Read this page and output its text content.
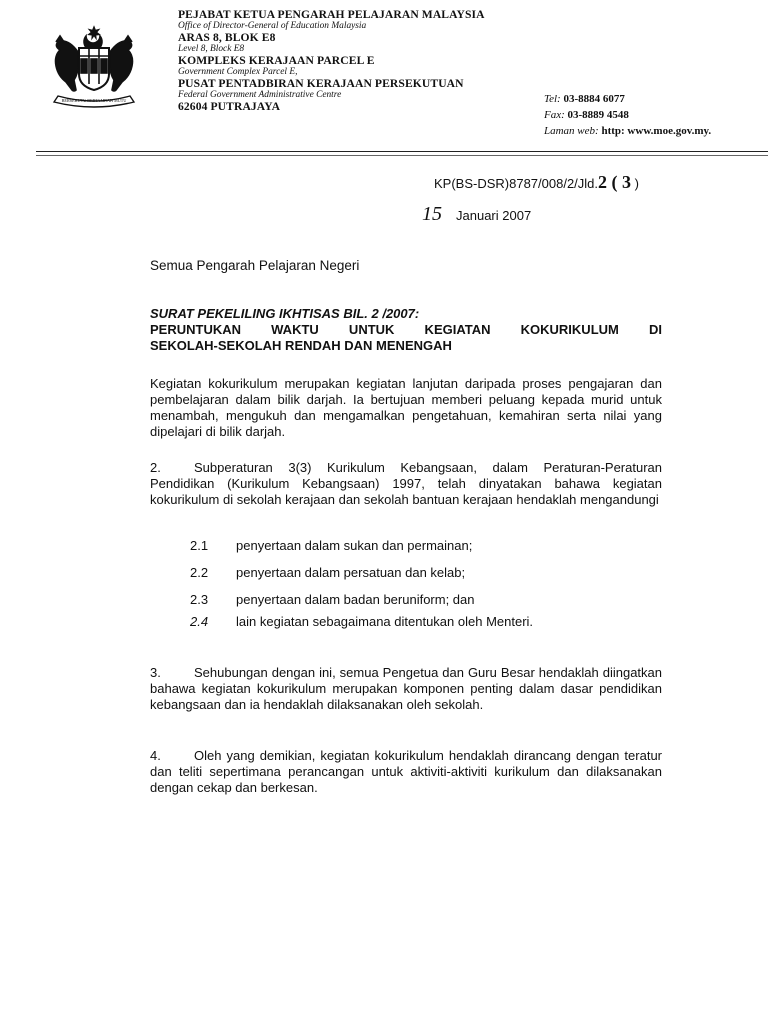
BERSEKUTU BERTAMBAH MUTU
PEJABAT KETUA PENGARAH PELAJARAN MALAYSIA
Office of Director-General of Education Malaysia
ARAS 8, BLOK E8
Level 8, Block E8
KOMPLEKS KERAJAAN PARCEL E
Government Complex Parcel E,
PUSAT PENTADBIRAN KERAJAAN PERSEKUTUAN
Federal Government Administrative Centre
62604 PUTRAJAYA
Tel: 03-8884 6077
Fax: 03-8889 4548
Laman web: http: www.moe.gov.my.
KP(BS-DSR)8787/008/2/Jld.2 ( 3 )
15 Januari 2007
Semua Pengarah Pelajaran Negeri
SURAT PEKELILING IKHTISAS BIL. 2 /2007:
PERUNTUKAN WAKTU UNTUK KEGIATAN KOKURIKULUM DI
SEKOLAH-SEKOLAH RENDAH DAN MENENGAH
Kegiatan kokurikulum merupakan kegiatan lanjutan daripada proses pengajaran dan pembelajaran dalam bilik darjah. Ia bertujuan memberi peluang kepada murid untuk menambah, mengukuh dan mengamalkan pengetahuan, kemahiran serta nilai yang dipelajari di bilik darjah.
2.	Subperaturan 3(3) Kurikulum Kebangsaan, dalam Peraturan-Peraturan Pendidikan (Kurikulum Kebangsaan) 1997, telah dinyatakan bahawa kegiatan kokurikulum di sekolah kerajaan dan sekolah bantuan kerajaan hendaklah mengandungi
2.1 penyertaan dalam sukan dan permainan;
2.2 penyertaan dalam persatuan dan kelab;
2.3 penyertaan dalam badan beruniform; dan
2.4 lain kegiatan sebagaimana ditentukan oleh Menteri.
3.	Sehubungan dengan ini, semua Pengetua dan Guru Besar hendaklah diingatkan bahawa kegiatan kokurikulum merupakan komponen penting dalam dasar pendidikan kebangsaan dan ia hendaklah dilaksanakan oleh sekolah.
4.	Oleh yang demikian, kegiatan kokurikulum hendaklah dirancang dengan teratur dan teliti sepertimana perancangan untuk aktiviti-aktiviti kurikulum dan dilaksanakan dengan cekap dan berkesan.
